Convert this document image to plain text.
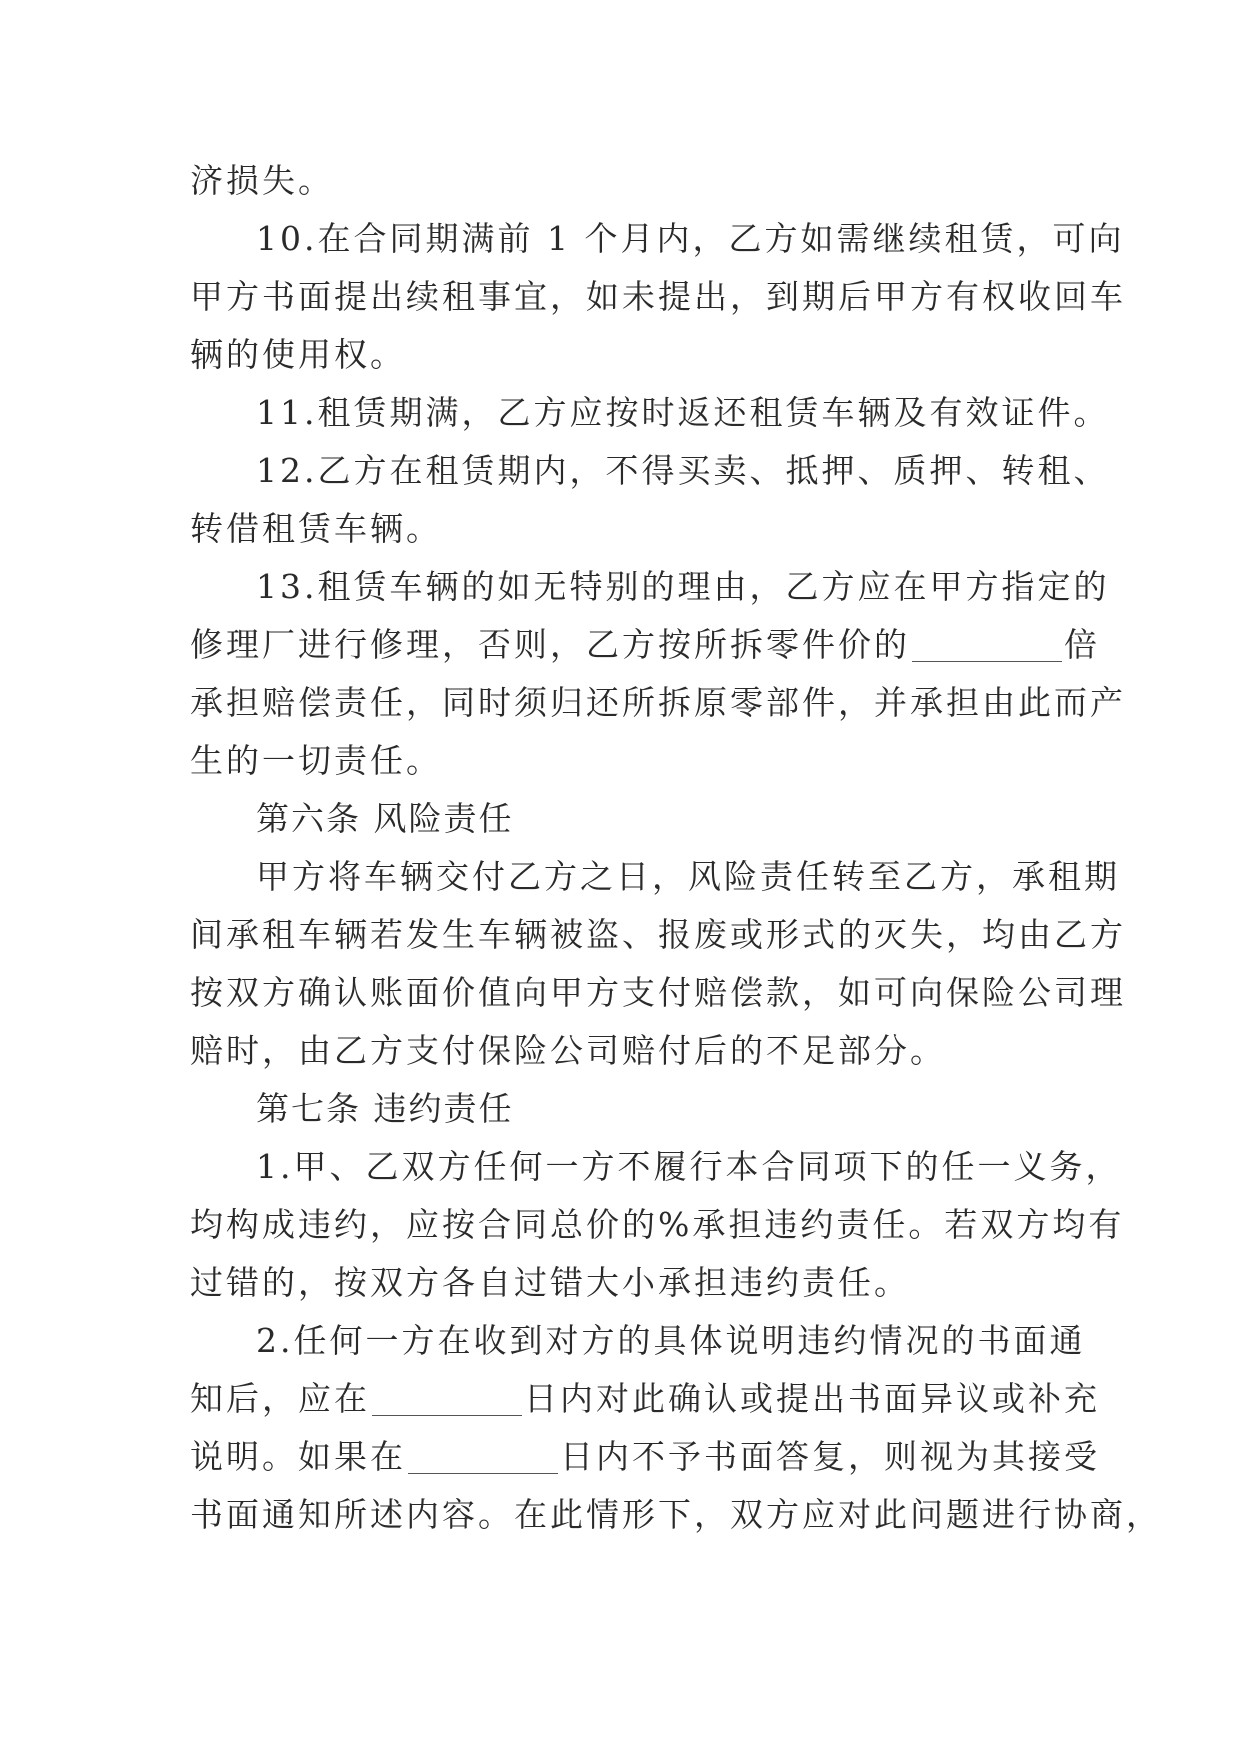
济损失。

10.在合同期满前 1 个月内，乙方如需继续租赁，可向
甲方书面提出续租事宜，如未提出，到期后甲方有权收回车
辆的使用权。

11.租赁期满，乙方应按时返还租赁车辆及有效证件。

12.乙方在租赁期内，不得买卖、抵押、质押、转租、
转借租赁车辆。

13.租赁车辆的如无特别的理由，乙方应在甲方指定的
修理厂进行修理，否则，乙方按所拆零件价的	倍
承担赔偿责任，同时须归还所拆原零部件，并承担由此而产
生的一切责任。

第六条 风险责任

甲方将车辆交付乙方之日，风险责任转至乙方，承租期
间承租车辆若发生车辆被盗、报废或形式的灭失，均由乙方
按双方确认账面价值向甲方支付赔偿款，如可向保险公司理
赔时，由乙方支付保险公司赔付后的不足部分。

第七条 违约责任

1.甲、乙双方任何一方不履行本合同项下的任一义务，
均构成违约，应按合同总价的%承担违约责任。若双方均有
过错的，按双方各自过错大小承担违约责任。

2.任何一方在收到对方的具体说明违约情况的书面通
知后，应在	日内对此确认或提出书面异议或补充
说明。如果在	日内不予书面答复，则视为其接受
书面通知所述内容。在此情形下，双方应对此问题进行协商，
